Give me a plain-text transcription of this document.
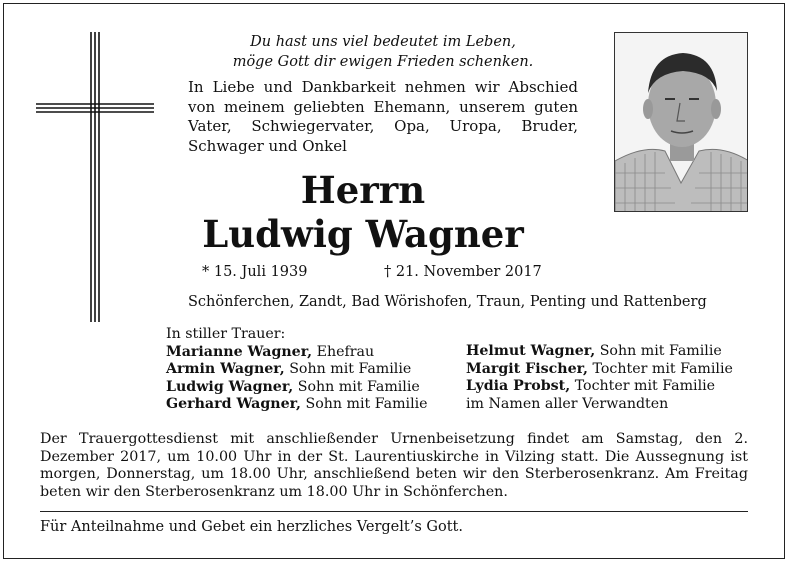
Du hast uns viel bedeutet im Leben,
möge Gott dir ewigen Frieden schenken.
In Liebe und Dankbarkeit nehmen wir Abschied von meinem geliebten Ehemann, unserem guten Vater, Schwiegervater, Opa, Uropa, Bruder, Schwager und Onkel
Herrn
Ludwig Wagner
* 15. Juli 1939	† 21. November 2017
Schönferchen, Zandt, Bad Wörishofen, Traun, Penting und Rattenberg
In stiller Trauer:
Marianne Wagner, Ehefrau
Armin Wagner, Sohn mit Familie
Ludwig Wagner, Sohn mit Familie
Gerhard Wagner, Sohn mit Familie
Helmut Wagner, Sohn mit Familie
Margit Fischer, Tochter mit Familie
Lydia Probst, Tochter mit Familie
im Namen aller Verwandten
Der Trauergottesdienst mit anschließender Urnenbeisetzung findet am Samstag, den 2. Dezember 2017, um 10.00 Uhr in der St. Laurentiuskirche in Vilzing statt. Die Aussegnung ist morgen, Donnerstag, um 18.00 Uhr, anschließend beten wir den Sterberosenkranz. Am Freitag beten wir den Sterberosenkranz um 18.00 Uhr in Schönferchen.
Für Anteilnahme und Gebet ein herzliches Vergelt’s Gott.
